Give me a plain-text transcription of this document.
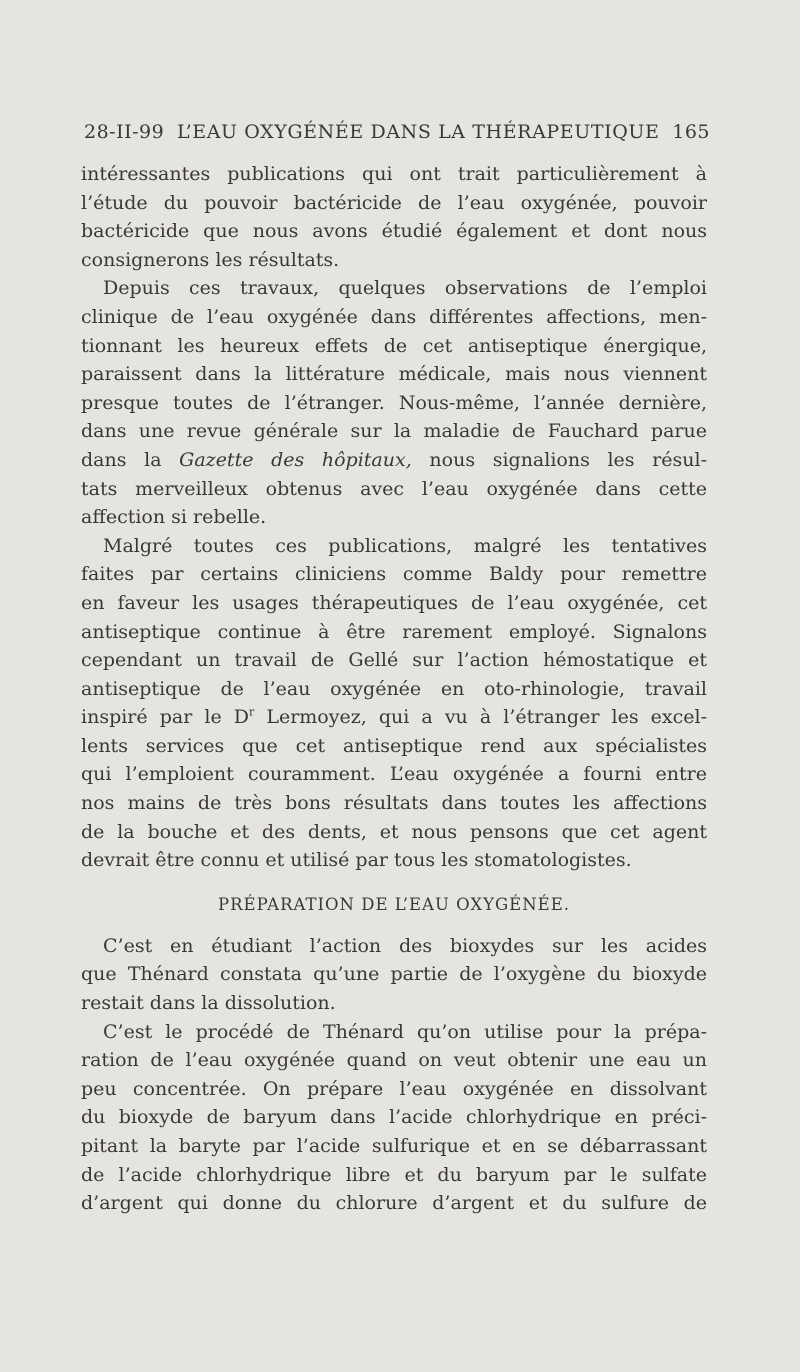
28-II-99 L’EAU OXYGÉNÉE DANS LA THÉRAPEUTIQUE 165

intéressantes publications qui ont trait particulièrement à

l’étude du pouvoir bactéricide de l’eau oxygénée, pouvoir

bactéricide que nous avons étudié également et dont nous

consignerons les résultats.

Depuis ces travaux, quelques observations de l’emploi

clinique de l’eau oxygénée dans différentes affections, men-

tionnant les heureux effets de cet antiseptique énergique,

paraissent dans la littérature médicale, mais nous viennent

presque toutes de l’étranger. Nous-même, l’année dernière,

dans une revue générale sur la maladie de Fauchard parue

dans la Gazette des hôpitaux, nous signalions les résul-

tats merveilleux obtenus avec l’eau oxygénée dans cette

affection si rebelle.

Malgré toutes ces publications, malgré les tentatives

faites par certains cliniciens comme Baldy pour remettre

en faveur les usages thérapeutiques de l’eau oxygénée, cet

antiseptique continue à être rarement employé. Signalons

cependant un travail de Gellé sur l’action hémostatique et

antiseptique de l’eau oxygénée en oto-rhinologie, travail

inspiré par le $D^r$ Lermoyez, qui a vu à l’étranger les excel-

lents services que cet antiseptique rend aux spécialistes

qui l’emploient couramment. L’eau oxygénée a fourni entre

nos mains de très bons résultats dans toutes les affections

de la bouche et des dents, et nous pensons que cet agent

devrait être connu et utilisé par tous les stomatologistes.

PRÉPARATION DE L’EAU OXYGÉNÉE.

C’est en étudiant l’action des bioxydes sur les acides

que Thénard constata qu’une partie de l’oxygène du bioxyde

restait dans la dissolution.

C’est le procédé de Thénard qu’on utilise pour la prépa-

ration de l’eau oxygénée quand on veut obtenir une eau un

peu concentrée. On prépare l’eau oxygénée en dissolvant

du bioxyde de baryum dans l’acide chlorhydrique en préci-

pitant la baryte par l’acide sulfurique et en se débarrassant

de l’acide chlorhydrique libre et du baryum par le sulfate

d’argent qui donne du chlorure d’argent et du sulfure de
